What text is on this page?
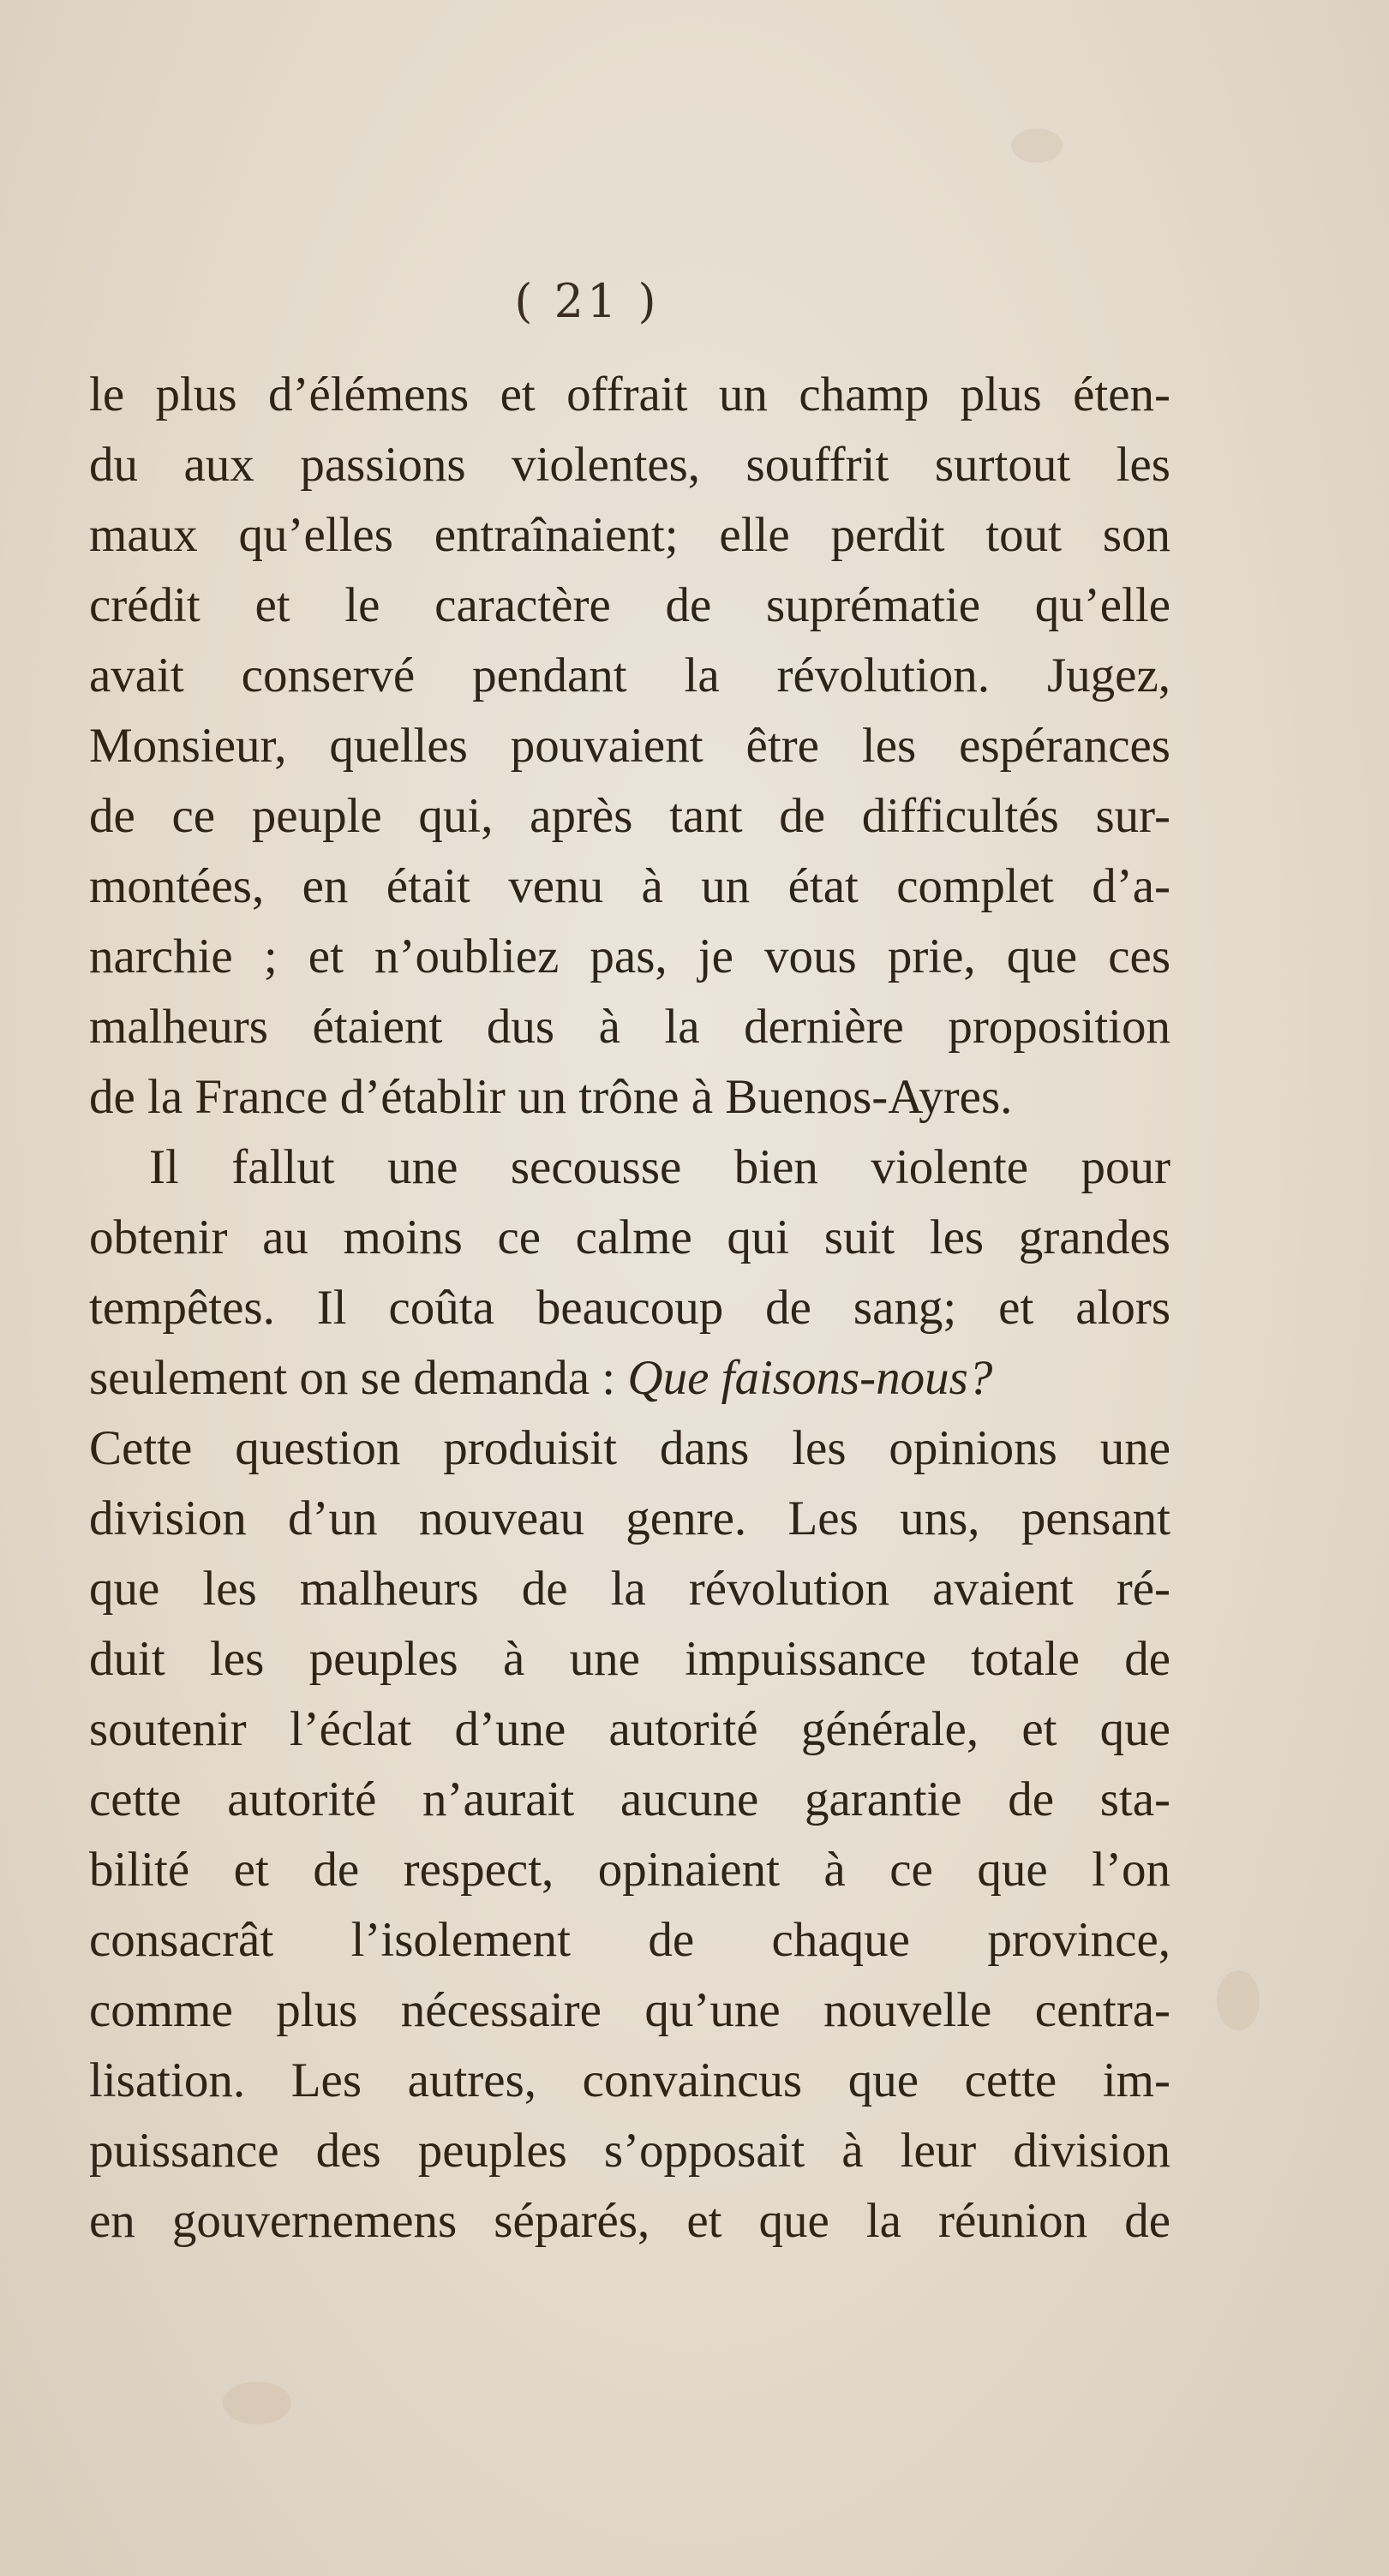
( 21 )
le plus d’élémens et offrait un champ plus éten-
du aux passions violentes, souffrit surtout les
maux qu’elles entraînaient; elle perdit tout son
crédit et le caractère de suprématie qu’elle
avait conservé pendant la révolution. Jugez,
Monsieur, quelles pouvaient être les espérances
de ce peuple qui, après tant de difficultés sur-
montées, en était venu à un état complet d’a-
narchie ; et n’oubliez pas, je vous prie, que ces
malheurs étaient dus à la dernière proposition
de la France d’établir un trône à Buenos-Ayres.
Il fallut une secousse bien violente pour
obtenir au moins ce calme qui suit les grandes
tempêtes. Il coûta beaucoup de sang; et alors
seulement on se demanda : Que faisons-nous?
Cette question produisit dans les opinions une
division d’un nouveau genre. Les uns, pensant
que les malheurs de la révolution avaient ré-
duit les peuples à une impuissance totale de
soutenir l’éclat d’une autorité générale, et que
cette autorité n’aurait aucune garantie de sta-
bilité et de respect, opinaient à ce que l’on
consacrât l’isolement de chaque province,
comme plus nécessaire qu’une nouvelle centra-
lisation. Les autres, convaincus que cette im-
puissance des peuples s’opposait à leur division
en gouvernemens séparés, et que la réunion de
